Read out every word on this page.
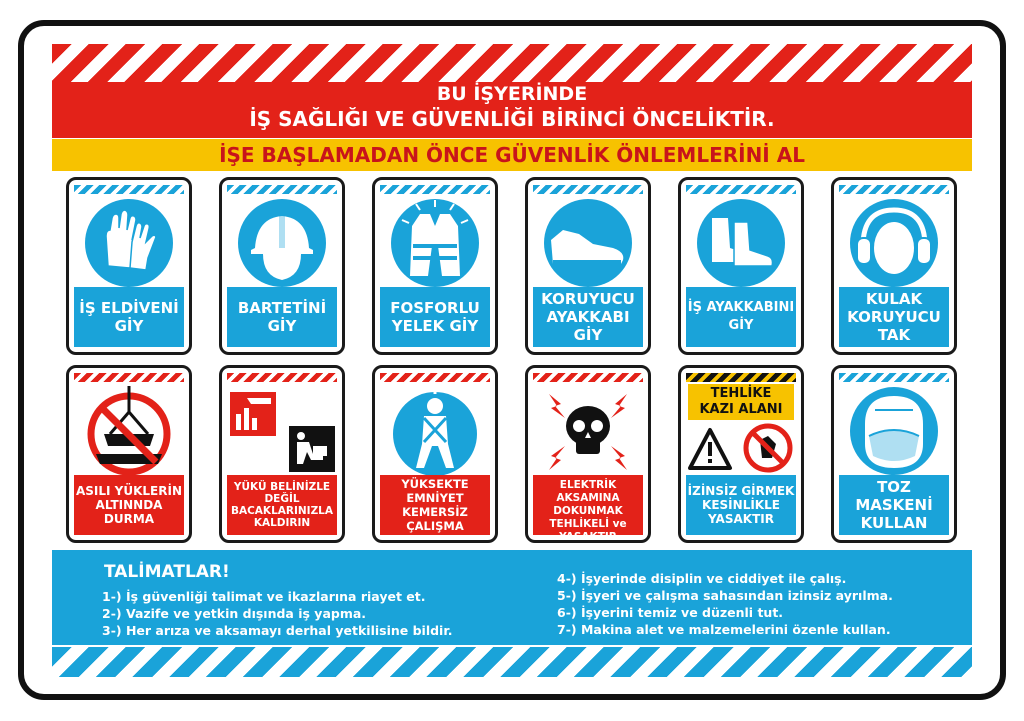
BU İŞYERİNDE
İŞ SAĞLIĞI VE GÜVENLİĞİ BİRİNCİ ÖNCELİKTİR.
İŞE BAŞLAMADAN ÖNCE GÜVENLİK ÖNLEMLERİNİ AL
İŞ ELDİVENİ
GİY
BARTETİNİ
GİY
FOSFORLU
YELEK GİY
KORUYUCU
AYAKKABI
GİY
İŞ AYAKKABINI
GİY
KULAK
KORUYUCU
TAK
ASILI YÜKLERİN
ALTINNDA
DURMA
YÜKÜ BELİNİZLE
DEĞİL
BACAKLARINIZLA
KALDIRIN
YÜKSEKTE
EMNİYET KEMERSİZ
ÇALIŞMA
KABLO ve ELEKTRİK
AKSAMINA DOKUNMAK
TEHLİKELİ ve YASAKTIR
TEHLİKE
KAZI ALANI
İZİNSİZ GİRMEK
KESİNLİKLE
YASAKTIR
TOZ
MASKENİ
KULLAN
TALİMATLAR!
1-) İş güvenliği talimat ve ikazlarına riayet et.
2-) Vazife ve yetkin dışında iş yapma.
3-) Her arıza ve aksamayı derhal yetkilisine bildir.
4-) İşyerinde disiplin ve ciddiyet ile çalış.
5-) İşyeri ve çalışma sahasından izinsiz ayrılma.
6-) İşyerini temiz ve düzenli tut.
7-) Makina alet ve malzemelerini özenle kullan.
